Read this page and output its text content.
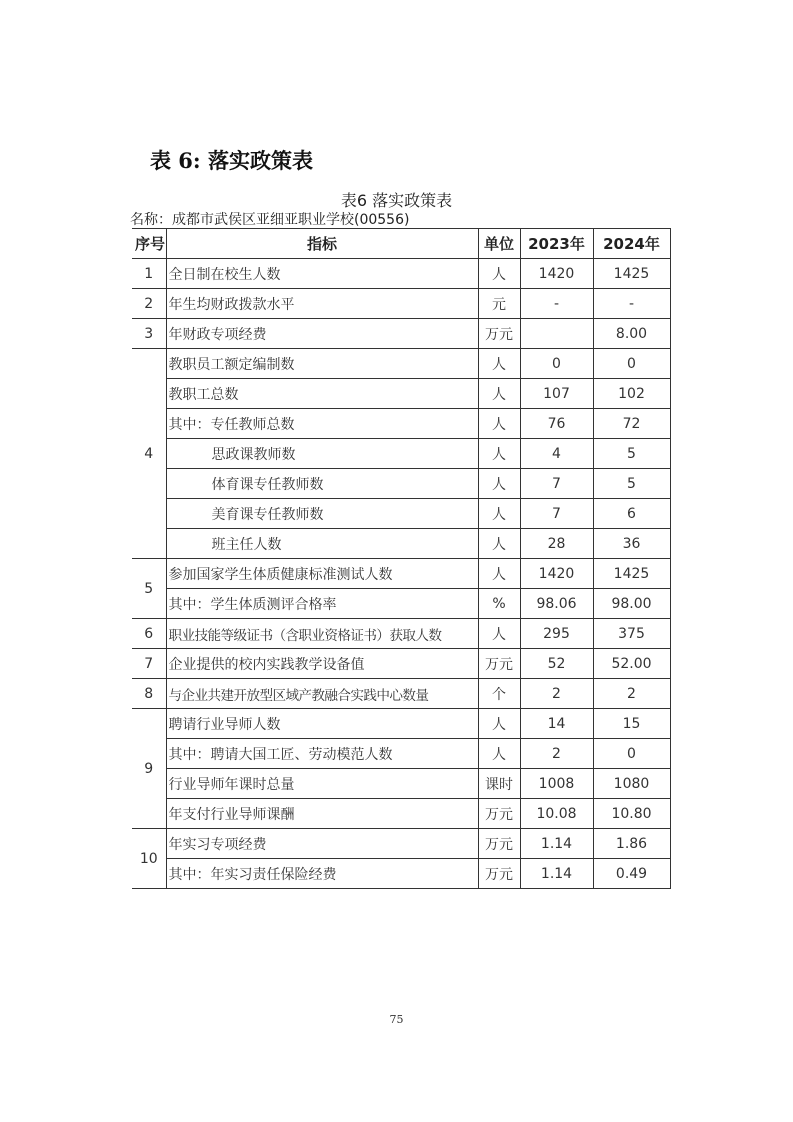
表 6: 落实政策表
表6 落实政策表
名称：成都市武侯区亚细亚职业学校(00556)
序号	指标	单位	2023年	2024年
1	全日制在校生人数	人	1420	1425
2	年生均财政拨款水平	元	-	-
3	年财政专项经费	万元		8.00
4	教职员工额定编制数	人	0	0
	教职工总数	人	107	102
	其中：专任教师总数	人	76	72
	思政课教师数	人	4	5
	体育课专任教师数	人	7	5
	美育课专任教师数	人	7	6
	班主任人数	人	28	36
5	参加国家学生体质健康标准测试人数	人	1420	1425
	其中：学生体质测评合格率	%	98.06	98.00
6	职业技能等级证书（含职业资格证书）获取人数	人	295	375
7	企业提供的校内实践教学设备值	万元	52	52.00
8	与企业共建开放型区域产教融合实践中心数量	个	2	2
9	聘请行业导师人数	人	14	15
	其中：聘请大国工匠、劳动模范人数	人	2	0
	行业导师年课时总量	课时	1008	1080
	年支付行业导师课酬	万元	10.08	10.80
10	年实习专项经费	万元	1.14	1.86
	其中：年实习责任保险经费	万元	1.14	0.49
75
